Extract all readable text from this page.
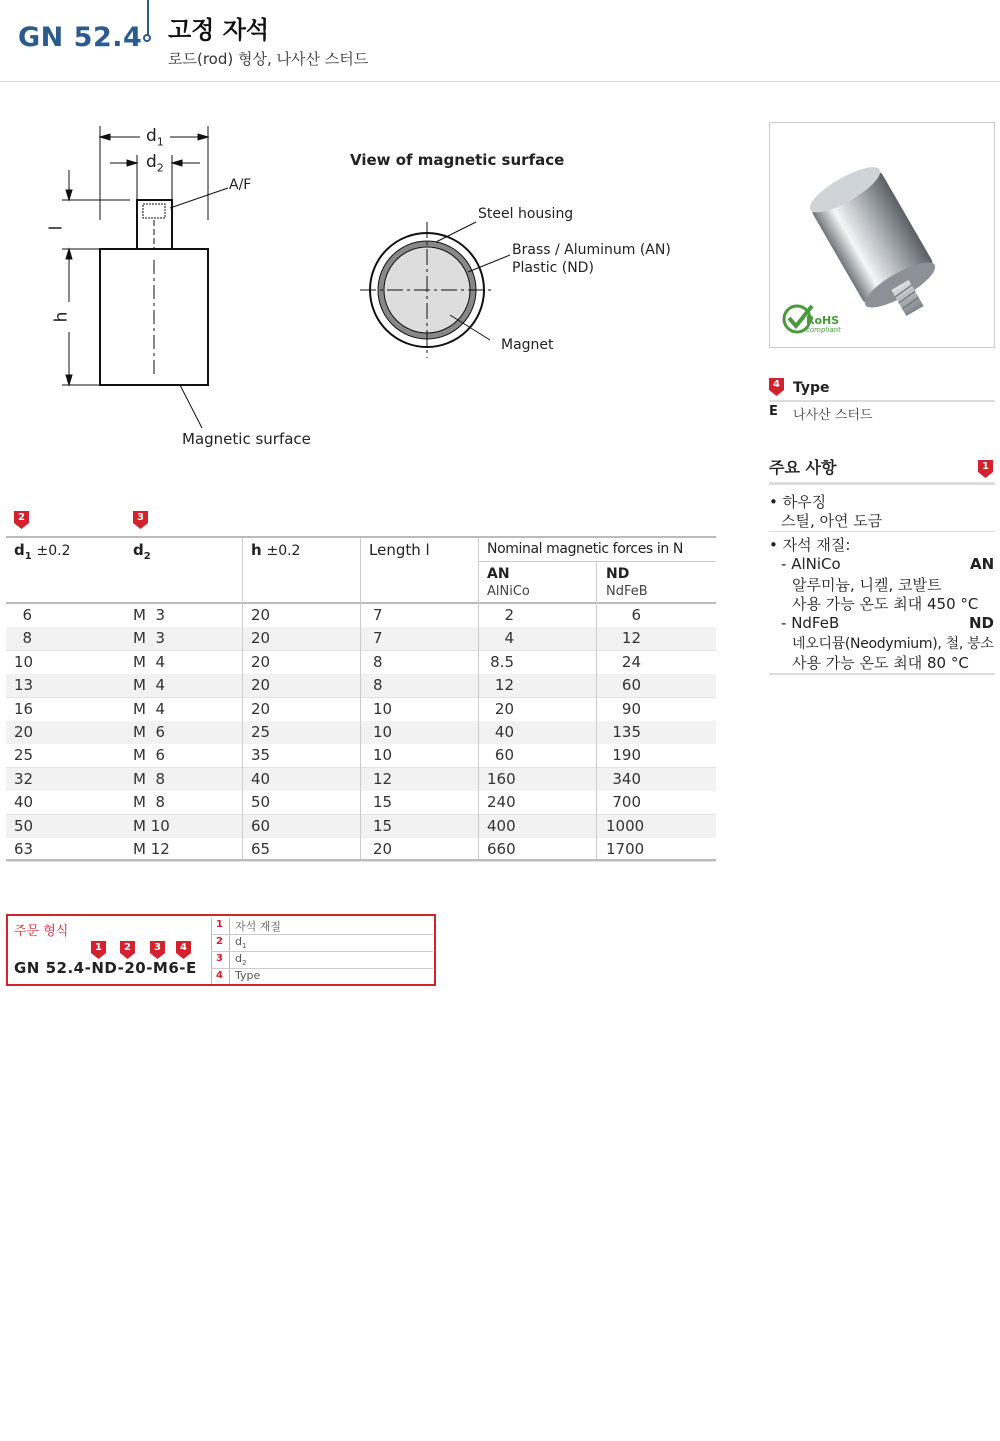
GN 52.4 고정 자석
로드(rod) 형상, 나사산 스터드
$d_1$
$d_2$
A/F
l
h
Magnetic surface
View of magnetic surface
Steel housing
Brass / Aluminum (AN)
Plastic (ND)
Magnet
RoHS
compliant
4 Type
E 나사산 스터드
주요 사항	1
• 하우징
스틸, 아연 도금
• 자석 재질:
- AlNiCo	AN
알루미늄, 니켈, 코발트
사용 가능 온도 최대 450 °C
- NdFeB	ND
네오디뮴(Neodymium), 철, 붕소
사용 가능 온도 최대 80 °C
2	3
$d_1 \pm 0.2$	$d_2$	h ±0.2	Length l	Nominal magnetic forces in N
AN
AlNiCo
ND
NdFeB
6	M  3	20	7	2	6
8	M  3	20	7	4	12
10	M  4	20	8	8.5	24
13	M  4	20	8	12	60
16	M  4	20	10	20	90
20	M  6	25	10	40	135
25	M  6	35	10	60	190
32	M  8	40	12	160	340
40	M  8	50	15	240	700
50	M 10	60	15	400	1000
63	M 12	65	20	660	1700
주문 형식
1	2	3	4
GN 52.4-ND-20-M6-E
1 자석 재질
2 $d_1$
3 $d_2$
4 Type
